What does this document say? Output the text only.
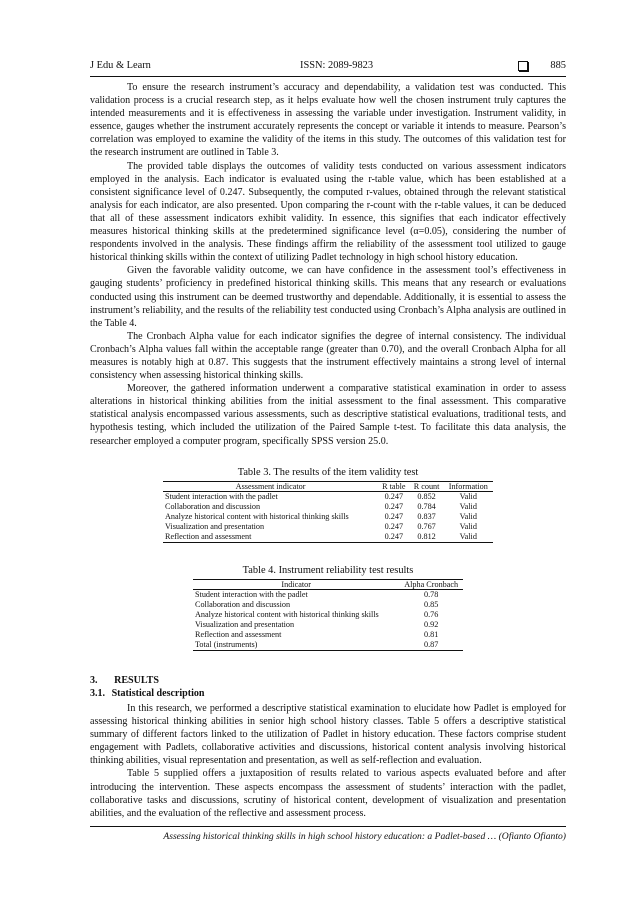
J Edu & Learn	ISSN: 2089-9823	885

To ensure the research instrument’s accuracy and dependability, a validation test was conducted. This validation process is a crucial research step, as it helps evaluate how well the chosen instrument truly captures the intended measurements and it is effectiveness in assessing the variable under investigation. Instrument validity, in essence, gauges whether the instrument accurately represents the concept or variable it intends to measure. Pearson’s correlation was employed to examine the validity of the items in this study. The outcomes of this validation test for the research instrument are outlined in Table 3.

The provided table displays the outcomes of validity tests conducted on various assessment indicators employed in the analysis. Each indicator is evaluated using the r-table value, which has been established at a consistent significance level of 0.247. Subsequently, the computed r-values, obtained through the relevant statistical analysis for each indicator, are also presented. Upon comparing the r-count with the r-table values, it can be deduced that all of these assessment indicators exhibit validity. In essence, this signifies that each indicator effectively measures historical thinking skills at the predetermined significance level (α=0.05), considering the number of respondents involved in the analysis. These findings affirm the reliability of the assessment tool utilized to gauge historical thinking skills within the context of utilizing Padlet technology in high school history education.

Given the favorable validity outcome, we can have confidence in the assessment tool’s effectiveness in gauging students’ proficiency in predefined historical thinking skills. This means that any research or evaluations conducted using this instrument can be deemed trustworthy and dependable. Additionally, it is essential to assess the instrument’s reliability, and the results of the reliability test conducted using Cronbach’s Alpha analysis are outlined in the Table 4.

The Cronbach Alpha value for each indicator signifies the degree of internal consistency. The individual Cronbach’s Alpha values fall within the acceptable range (greater than 0.70), and the overall Cronbach Alpha for all measures is notably high at 0.87. This suggests that the instrument effectively maintains a strong level of internal consistency when assessing historical thinking skills.

Moreover, the gathered information underwent a comparative statistical examination in order to assess alterations in historical thinking abilities from the initial assessment to the final assessment. This comparative statistical analysis encompassed various assessments, such as descriptive statistical evaluations, traditional tests, and hypothesis testing, which included the utilization of the Paired Sample t-test. To facilitate this data analysis, the researcher employed a computer program, specifically SPSS version 25.0.

Table 3. The results of the item validity test
Assessment indicator	R table	R count	Information
Student interaction with the padlet	0.247	0.852	Valid
Collaboration and discussion	0.247	0.784	Valid
Analyze historical content with historical thinking skills	0.247	0.837	Valid
Visualization and presentation	0.247	0.767	Valid
Reflection and assessment	0.247	0.812	Valid
Table 4. Instrument reliability test results
Indicator	Alpha Cronbach
Student interaction with the padlet	0.78
Collaboration and discussion	0.85
Analyze historical content with historical thinking skills	0.76
Visualization and presentation	0.92
Reflection and assessment	0.81
Total (instruments)	0.87
3. RESULTS
3.1. Statistical description

In this research, we performed a descriptive statistical examination to elucidate how Padlet is employed for assessing historical thinking abilities in senior high school history classes. Table 5 offers a descriptive statistical summary of different factors linked to the utilization of Padlet in history education. These factors comprise student engagement with Padlets, collaborative activities and discussions, historical content analysis involving historical thinking abilities, visual representation and presentation, as well as self-reflection and evaluation.

Table 5 supplied offers a juxtaposition of results related to various aspects evaluated before and after introducing the intervention. These aspects encompass the assessment of students’ interaction with the padlet, collaborative tasks and discussions, scrutiny of historical content, development of visualization and presentation abilities, and the evaluation of the reflective and assessment process.

Assessing historical thinking skills in high school history education: a Padlet-based … (Ofianto Ofianto)
